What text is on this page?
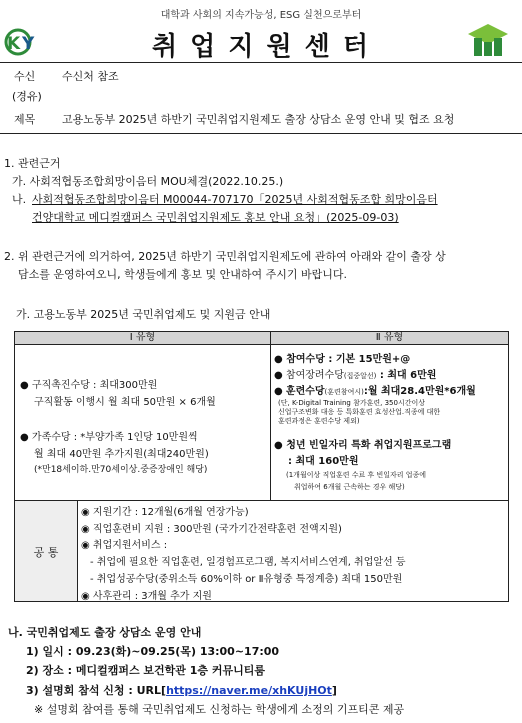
대학과 사회의 지속가능성, ESG 실천으로부터
K Y	취 업 지 원 센 터
수신 수신처 참조
(경유)
제목 고용노동부 2025년 하반기 국민취업지원제도 출장 상담소 운영 안내 및 협조 요청
1. 관련근거
가. 사회적협동조합희망이음터 MOU체결(2022.10.25.)
나. 사회적협동조합희망이음터 M00044-707170「2025년 사회적협동조합 희망이음터
건양대학교 메디컬캠퍼스 국민취업지원제도 홍보 안내 요청」(2025-09-03)
2. 위 관련근거에 의거하여, 2025년 하반기 국민취업지원제도에 관하여 아래와 같이 출장 상
담소를 운영하여오니, 학생들에게 홍보 및 안내하여 주시기 바랍니다.
가. 고용노동부 2025년 국민취업제도 및 지원금 안내
Ⅰ 유형	Ⅱ 유형
● 구직촉진수당 : 최대300만원
구직활동 이행시 월 최대 50만원 × 6개월
● 가족수당 : *부양가족 1인당 10만원씩
월 최대 40만원 추가지원(최대240만원)
(*만18세이하.만70세이상.중증장애인 해당)
● 참여수당 : 기본 15만원+@
● 참여장려수당(집중알선) : 최대 6만원
● 훈련수당(훈련참여시):월 최대28.4만원*6개월
(단, K-Digital Training 참가훈련, 350시간이상
신업구조변화 대응 등 특화훈련 효성산업.직종에 대한
훈련과정은 훈련수당 제외)
● 청년 빈일자리 특화 취업지원프로그램
: 최대 160만원
(1개월이상 직업훈련 수료 후 빈일자리 업종에
취업하여 6개월 근속하는 경우 해당)
공 통
◉ 지원기간 : 12개월(6개월 연장가능)
◉ 직업훈련비 지원 : 300만원 (국가기간전략훈련 전액지원)
◉ 취업지원서비스 :
- 취업에 필요한 직업훈련, 일경험프로그램, 복지서비스연계, 취업알선 등
- 취업성공수당(중위소득 60%이하 or Ⅱ유형중 특정계층) 최대 150만원
◉ 사후관리 : 3개월 추가 지원
나. 국민취업제도 출장 상담소 운영 안내
1) 일시 : 09.23(화)~09.25(목) 13:00~17:00
2) 장소 : 메디컬캠퍼스 보건학관 1층 커뮤니티룸
3) 설명회 참석 신청 : URL[https://naver.me/xhKUjHOt]
※ 설명회 참여를 통해 국민취업제도 신청하는 학생에게 소정의 기프티콘 제공
